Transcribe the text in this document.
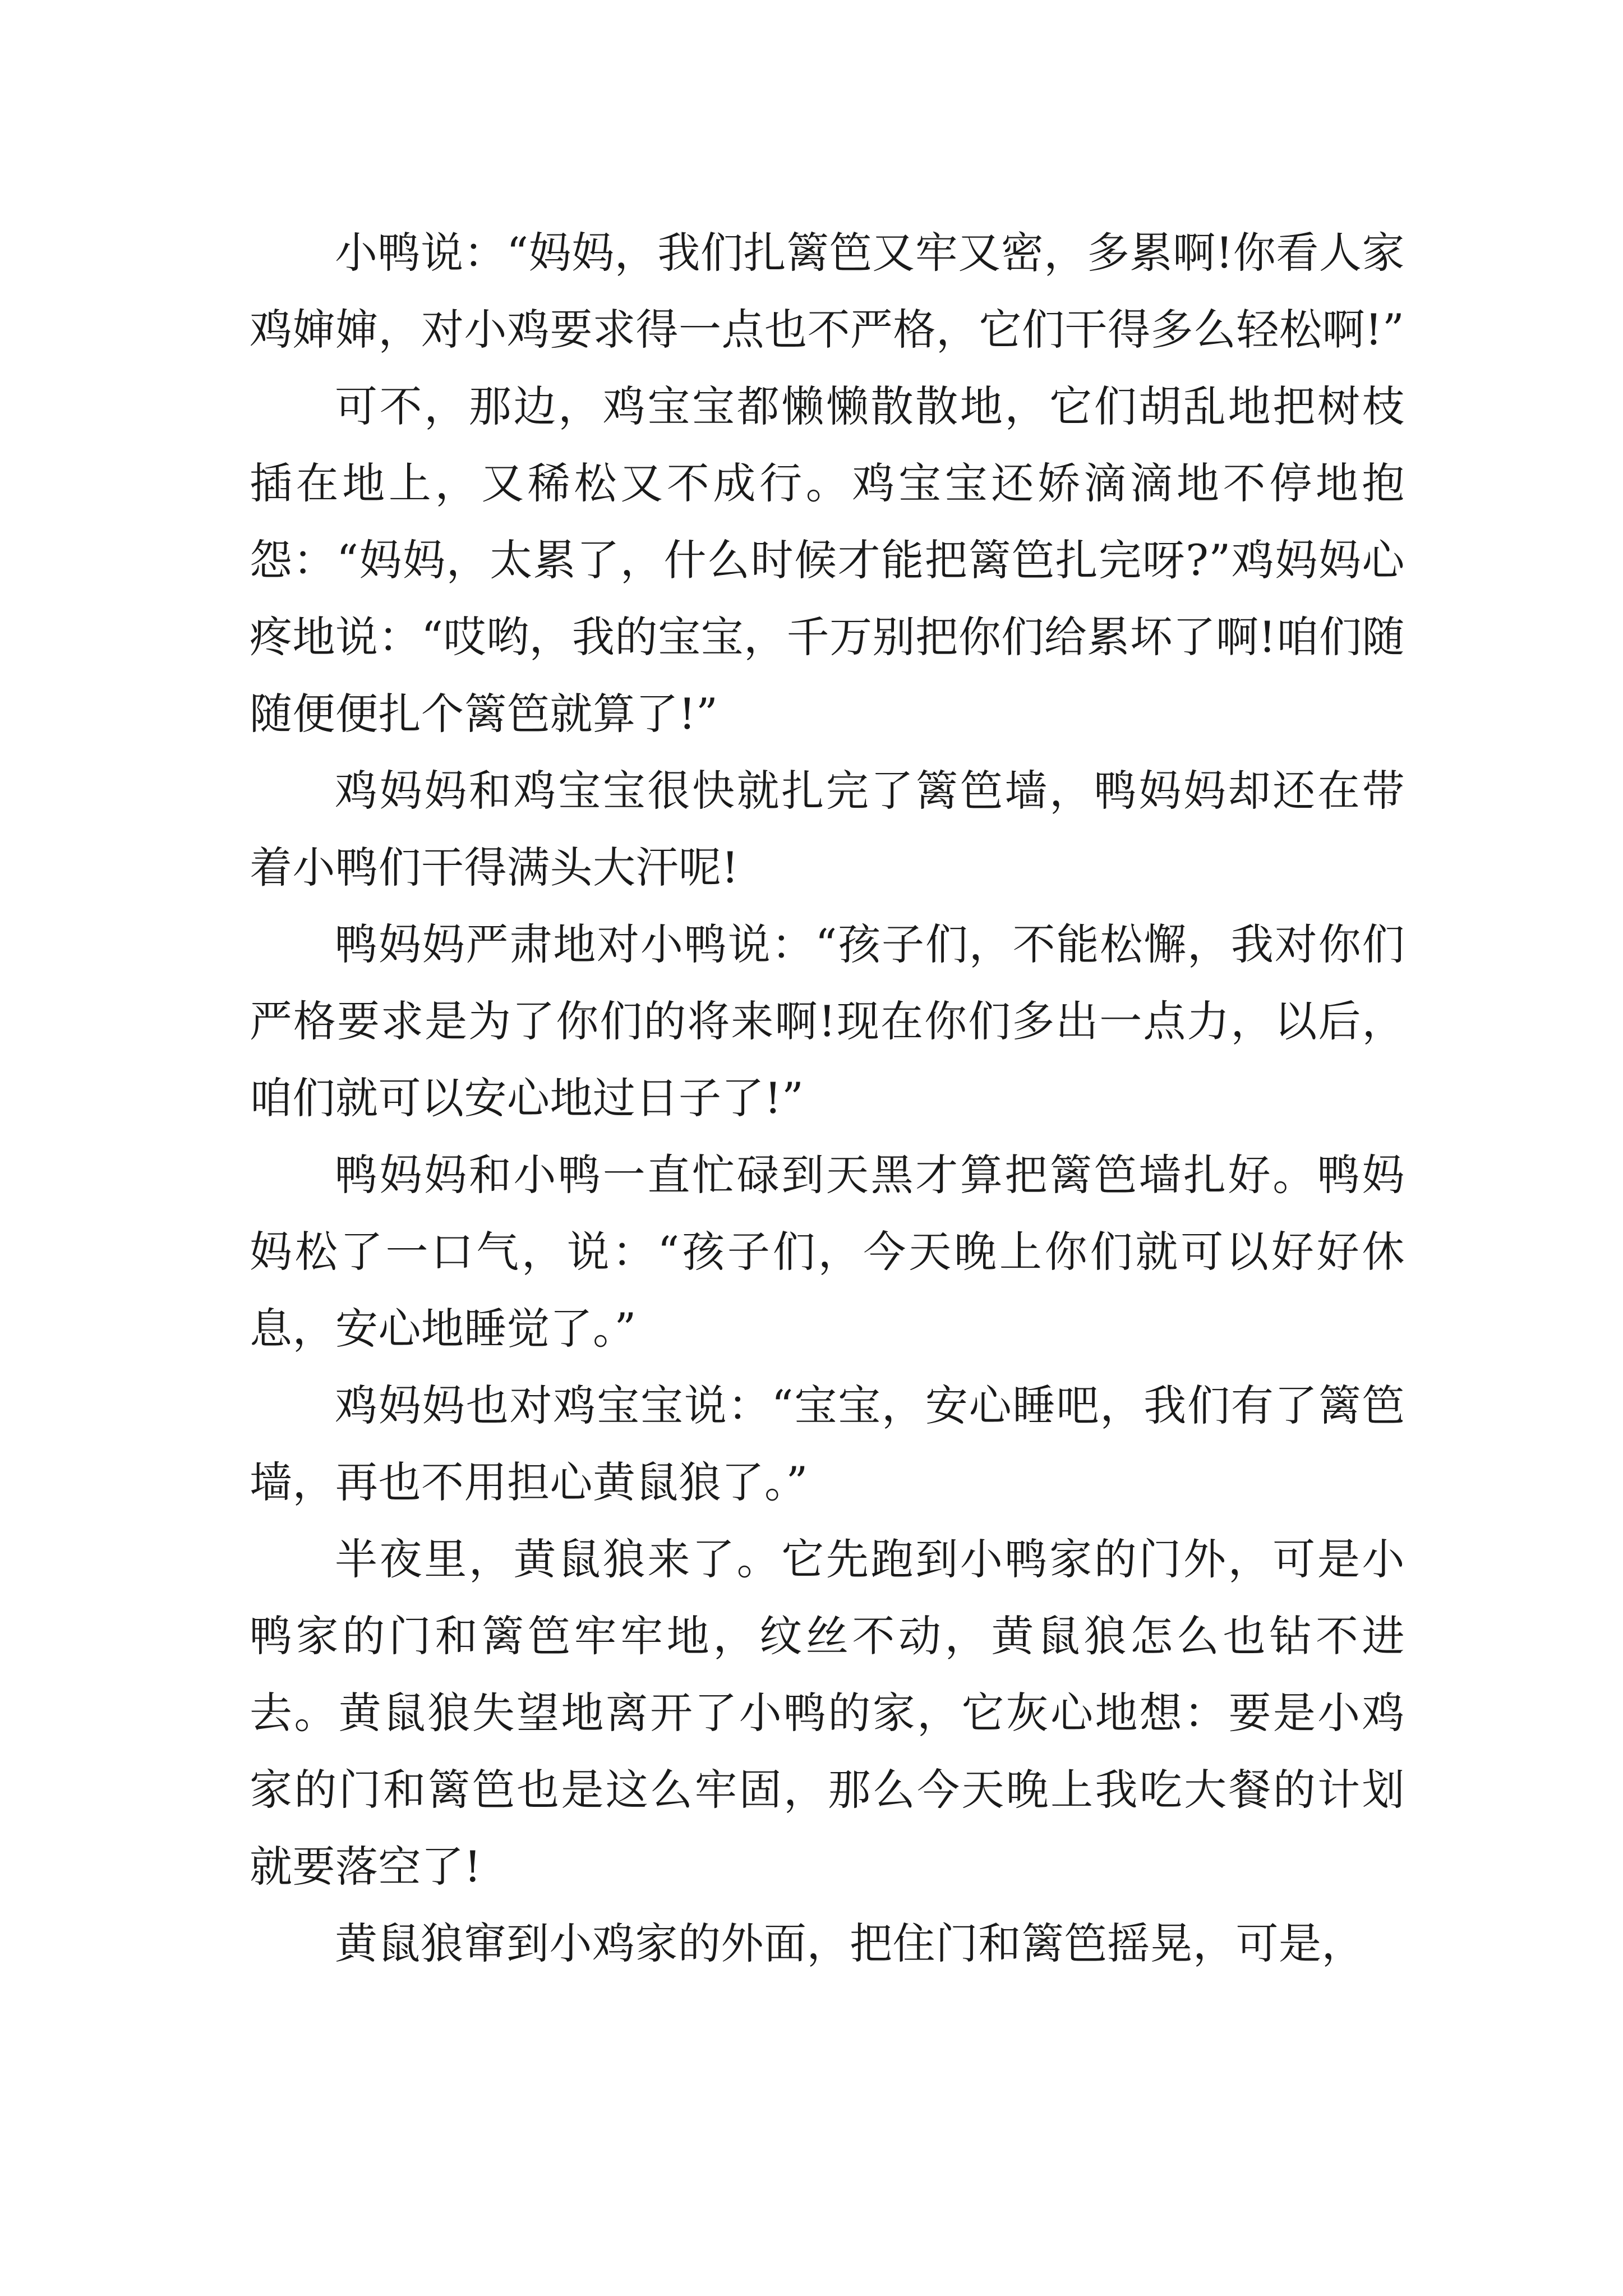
小鸭说：“妈妈，我们扎篱笆又牢又密，多累啊!你看人家鸡婶婶，对小鸡要求得一点也不严格，它们干得多么轻松啊!”

可不，那边，鸡宝宝都懒懒散散地，它们胡乱地把树枝插在地上，又稀松又不成行。鸡宝宝还娇滴滴地不停地抱怨：“妈妈，太累了，什么时候才能把篱笆扎完呀?”鸡妈妈心疼地说：“哎哟，我的宝宝，千万别把你们给累坏了啊!咱们随随便便扎个篱笆就算了!”

鸡妈妈和鸡宝宝很快就扎完了篱笆墙，鸭妈妈却还在带着小鸭们干得满头大汗呢!

鸭妈妈严肃地对小鸭说：“孩子们，不能松懈，我对你们严格要求是为了你们的将来啊!现在你们多出一点力，以后，咱们就可以安心地过日子了!”

鸭妈妈和小鸭一直忙碌到天黑才算把篱笆墙扎好。鸭妈妈松了一口气，说：“孩子们，今天晚上你们就可以好好休息，安心地睡觉了。”

鸡妈妈也对鸡宝宝说：“宝宝，安心睡吧，我们有了篱笆墙，再也不用担心黄鼠狼了。”

半夜里，黄鼠狼来了。它先跑到小鸭家的门外，可是小鸭家的门和篱笆牢牢地，纹丝不动，黄鼠狼怎么也钻不进去。黄鼠狼失望地离开了小鸭的家，它灰心地想：要是小鸡家的门和篱笆也是这么牢固，那么今天晚上我吃大餐的计划就要落空了!

黄鼠狼窜到小鸡家的外面，把住门和篱笆摇晃，可是，
